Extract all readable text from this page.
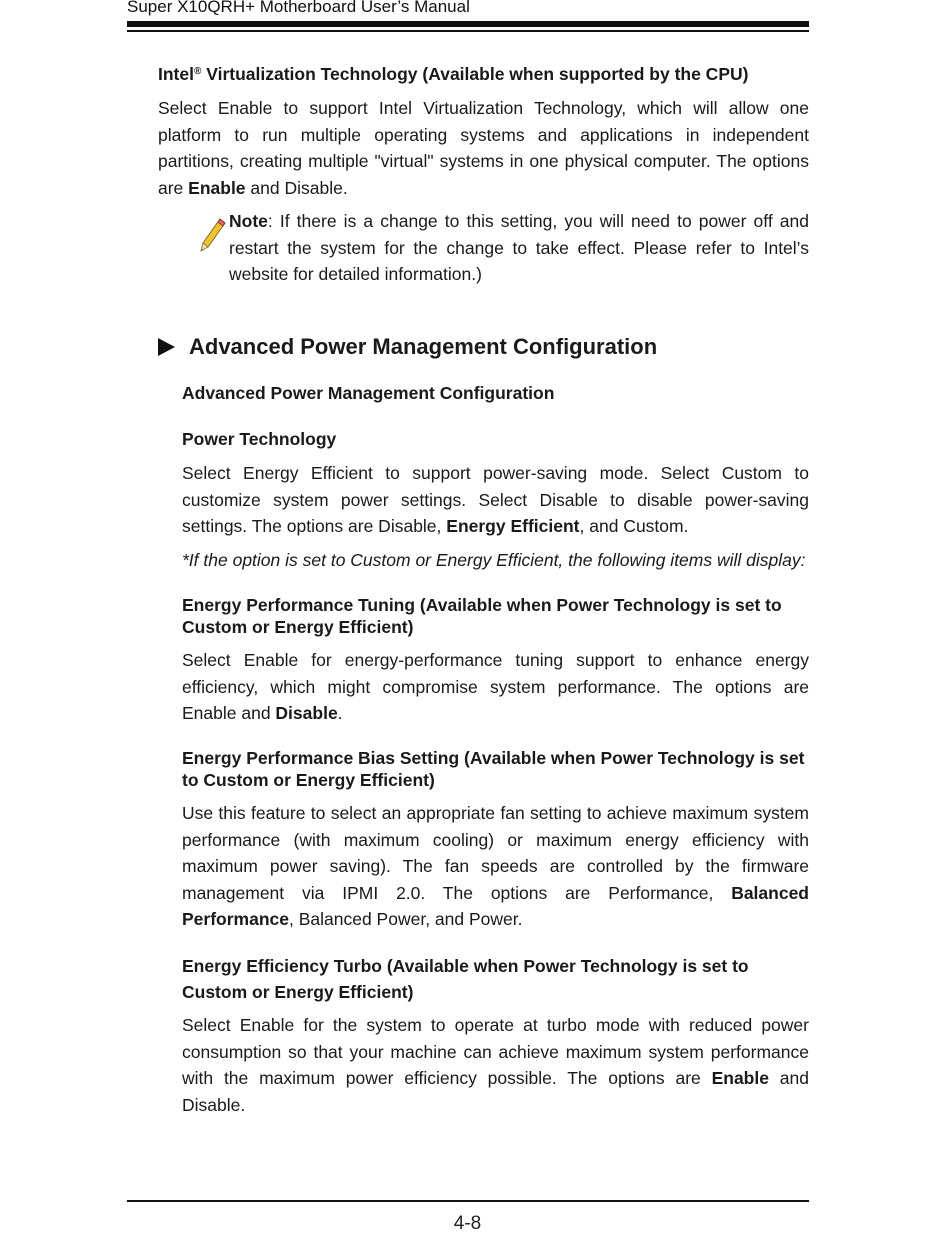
Super X10QRH+ Motherboard User’s Manual

Intel® Virtualization Technology (Available when supported by the CPU)

Select Enable to support Intel Virtualization Technology, which will allow one platform to run multiple operating systems and applications in independent partitions, creating multiple "virtual" systems in one physical computer. The options are Enable and Disable.

Note: If there is a change to this setting, you will need to power off and restart the system for the change to take effect. Please refer to Intel’s website for detailed information.)

Advanced Power Management Configuration

Advanced Power Management Configuration

Power Technology

Select Energy Efficient to support power-saving mode. Select Custom to customize system power settings. Select Disable to disable power-saving settings. The options are Disable, Energy Efficient, and Custom.

*If the option is set to Custom or Energy Efficient, the following items will display:

Energy Performance Tuning (Available when Power Technology is set to Custom or Energy Efficient)

Select Enable for energy-performance tuning support to enhance energy efficiency, which might compromise system performance. The options are Enable and Disable.

Energy Performance Bias Setting (Available when Power Technology is set to Custom or Energy Efficient)

Use this feature to select an appropriate fan setting to achieve maximum system performance (with maximum cooling) or maximum energy efficiency with maximum power saving). The fan speeds are controlled by the firmware management via IPMI 2.0. The options are Performance, Balanced Performance, Balanced Power, and Power.

Energy Efficiency Turbo (Available when Power Technology is set to Custom or Energy Efficient)

Select Enable for the system to operate at turbo mode with reduced power consumption so that your machine can achieve maximum system performance with the maximum power efficiency possible. The options are Enable and Disable.

4-8
